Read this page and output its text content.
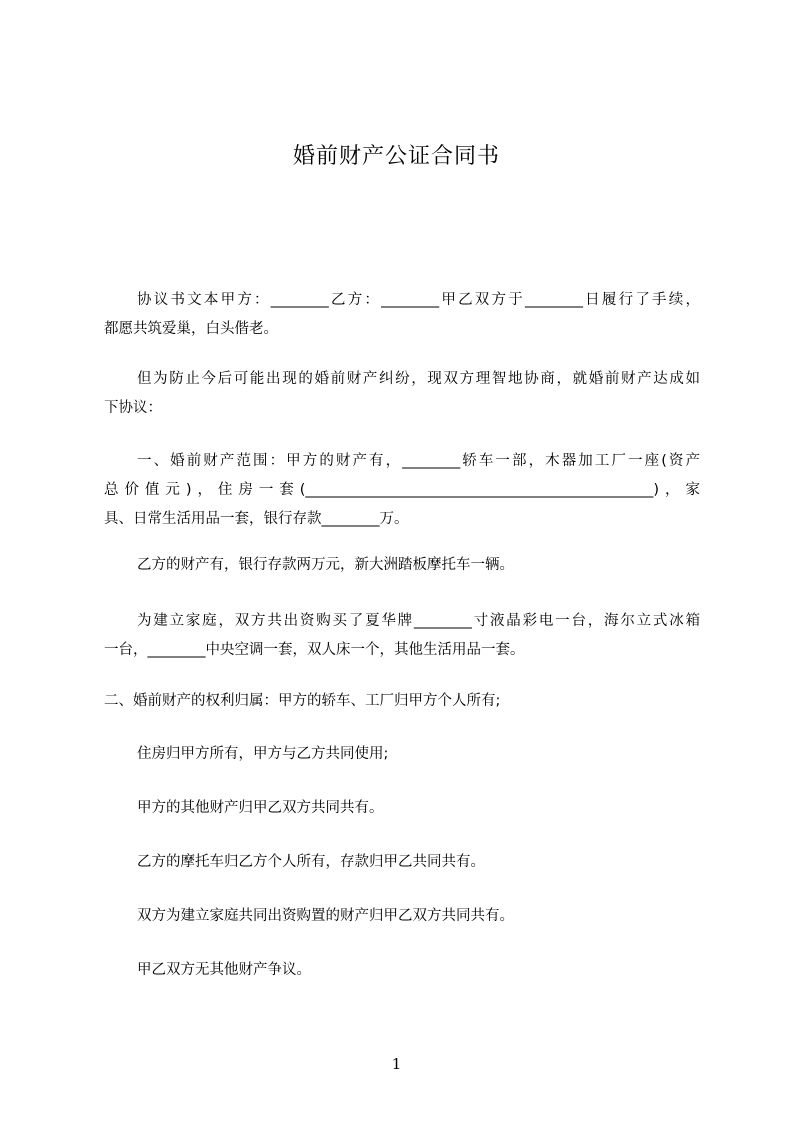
婚前财产公证合同书
协议书文本甲方：________乙方：________甲乙双方于________日履行了手续，
都愿共筑爱巢，白头偕老。
但为防止今后可能出现的婚前财产纠纷，现双方理智地协商，就婚前财产达成如
下协议：
一、婚前财产范围：甲方的财产有，________轿车一部，木器加工厂一座(资产
总价值元)，住房一套(________________________________________________)，家
具、日常生活用品一套，银行存款________万。
乙方的财产有，银行存款两万元，新大洲踏板摩托车一辆。
为建立家庭，双方共出资购买了夏华牌________寸液晶彩电一台，海尔立式冰箱
一台，________中央空调一套，双人床一个，其他生活用品一套。
二、婚前财产的权利归属：甲方的轿车、工厂归甲方个人所有;
住房归甲方所有，甲方与乙方共同使用;
甲方的其他财产归甲乙双方共同共有。
乙方的摩托车归乙方个人所有，存款归甲乙共同共有。
双方为建立家庭共同出资购置的财产归甲乙双方共同共有。
甲乙双方无其他财产争议。
1
